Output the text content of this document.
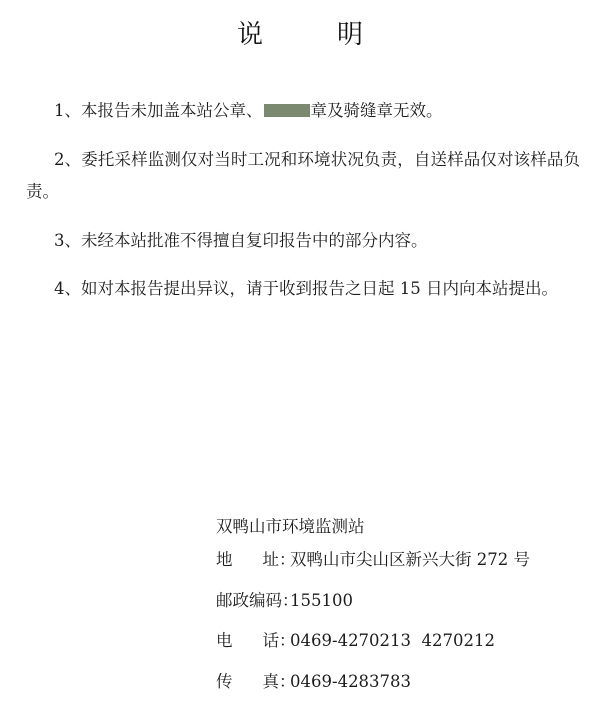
说	明

1、本报告未加盖本站公章、	章及骑缝章无效。

2、委托采样监测仅对当时工况和环境状况负责，自送样品仅对该样品负责。

3、未经本站批准不得擅自复印报告中的部分内容。

4、如对本报告提出异议，请于收到报告之日起 15 日内向本站提出。

双鸭山市环境监测站
地 址：双鸭山市尖山区新兴大街 272 号
邮政编码：155100
电 话：0469-4270213  4270212
传 真：0469-4283783
